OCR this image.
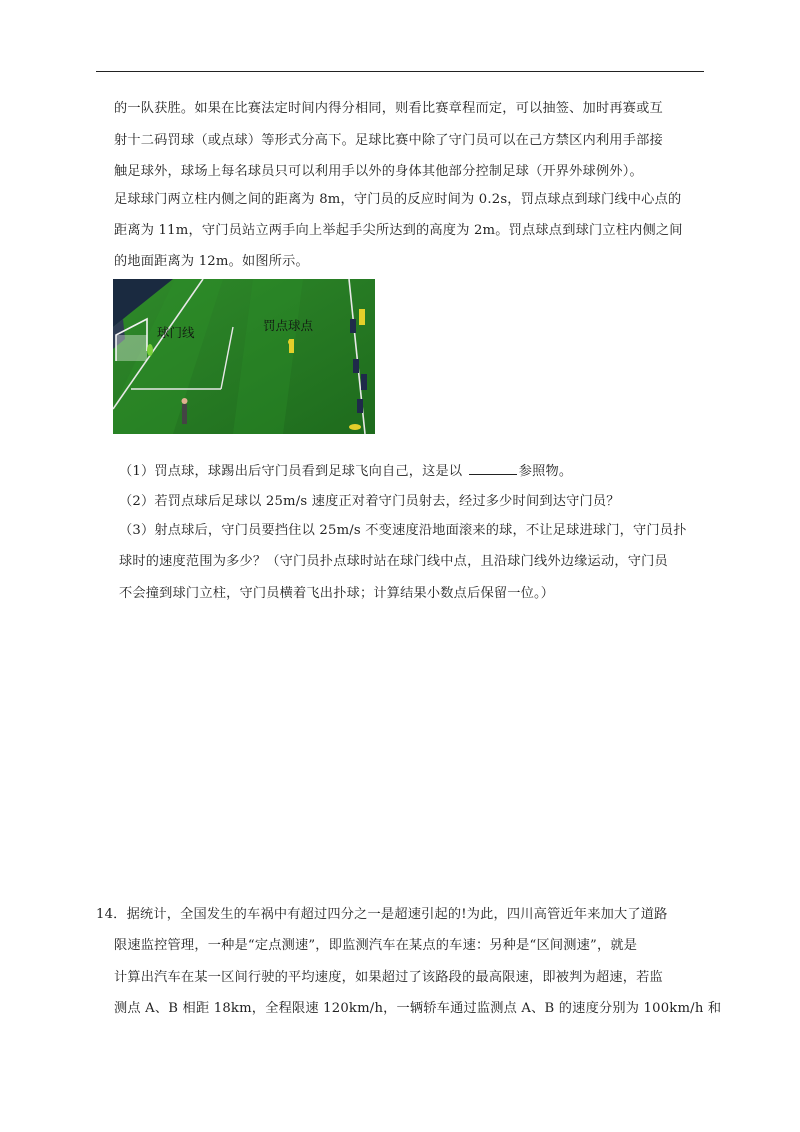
的一队获胜。如果在比赛法定时间内得分相同，则看比赛章程而定，可以抽签、加时再赛或互
射十二码罚球（或点球）等形式分高下。足球比赛中除了守门员可以在己方禁区内利用手部接
触足球外，球场上每名球员只可以利用手以外的身体其他部分控制足球（开界外球例外）。
足球球门两立柱内侧之间的距离为 8m，守门员的反应时间为 0.2s，罚点球点到球门线中心点的
距离为 11m，守门员站立两手向上举起手尖所达到的高度为 2m。罚点球点到球门立柱内侧之间
的地面距离为 12m。如图所示。
球门线	罚点球点
（1）罚点球，球踢出后守门员看到足球飞向自己，这是以	参照物。
（2）若罚点球后足球以 25m/s 速度正对着守门员射去，经过多少时间到达守门员？
（3）射点球后，守门员要挡住以 25m/s 不变速度沿地面滚来的球，不让足球进球门，守门员扑
球时的速度范围为多少？（守门员扑点球时站在球门线中点，且沿球门线外边缘运动，守门员
不会撞到球门立柱，守门员横着飞出扑球；计算结果小数点后保留一位。）
14．据统计，全国发生的车祸中有超过四分之一是超速引起的!为此，四川高管近年来加大了道路
限速监控管理，一种是“定点测速”，即监测汽车在某点的车速：另种是“区间测速”，就是
计算出汽车在某一区间行驶的平均速度，如果超过了该路段的最高限速，即被判为超速，若监
测点 A、B 相距 18km，全程限速 120km/h，一辆轿车通过监测点 A、B 的速度分别为 100km/h 和
